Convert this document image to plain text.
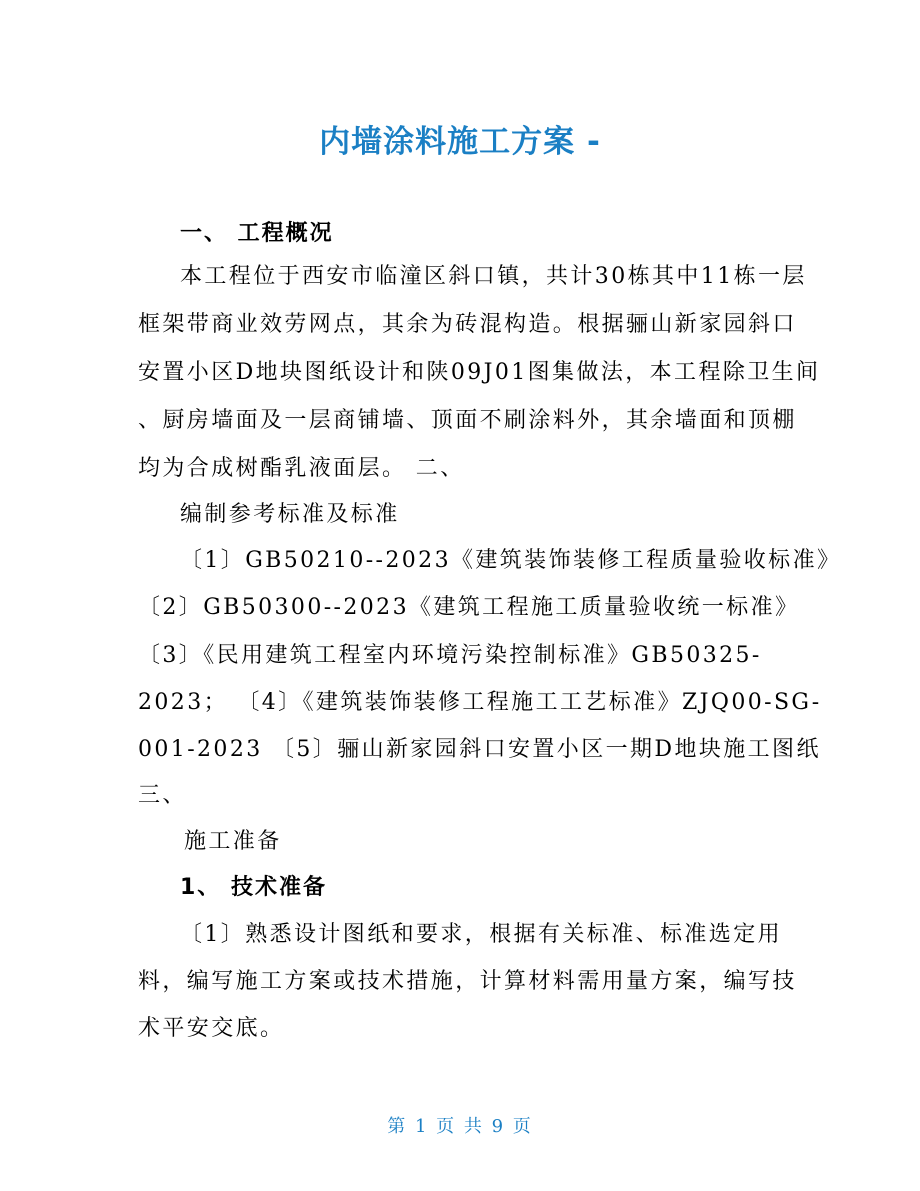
内墙涂料施工方案 -
一、 工程概况
本工程位于西安市临潼区斜口镇，共计30栋其中11栋一层
框架带商业效劳网点，其余为砖混构造。根据骊山新家园斜口
安置小区D地块图纸设计和陕09J01图集做法，本工程除卫生间
、厨房墙面及一层商铺墙、顶面不刷涂料外，其余墙面和顶棚
均为合成树酯乳液面层。 二、
编制参考标准及标准
〔1〕GB50210--2023《建筑装饰装修工程质量验收标准》
〔2〕GB50300--2023《建筑工程施工质量验收统一标准》
〔3〕《民用建筑工程室内环境污染控制标准》GB50325-
2023； 〔4〕《建筑装饰装修工程施工工艺标准》ZJQ00-SG-
001-2023 〔5〕骊山新家园斜口安置小区一期D地块施工图纸
三、
施工准备
1、 技术准备
〔1〕熟悉设计图纸和要求，根据有关标准、标准选定用
料，编写施工方案或技术措施，计算材料需用量方案，编写技
术平安交底。
第 1 页 共 9 页
